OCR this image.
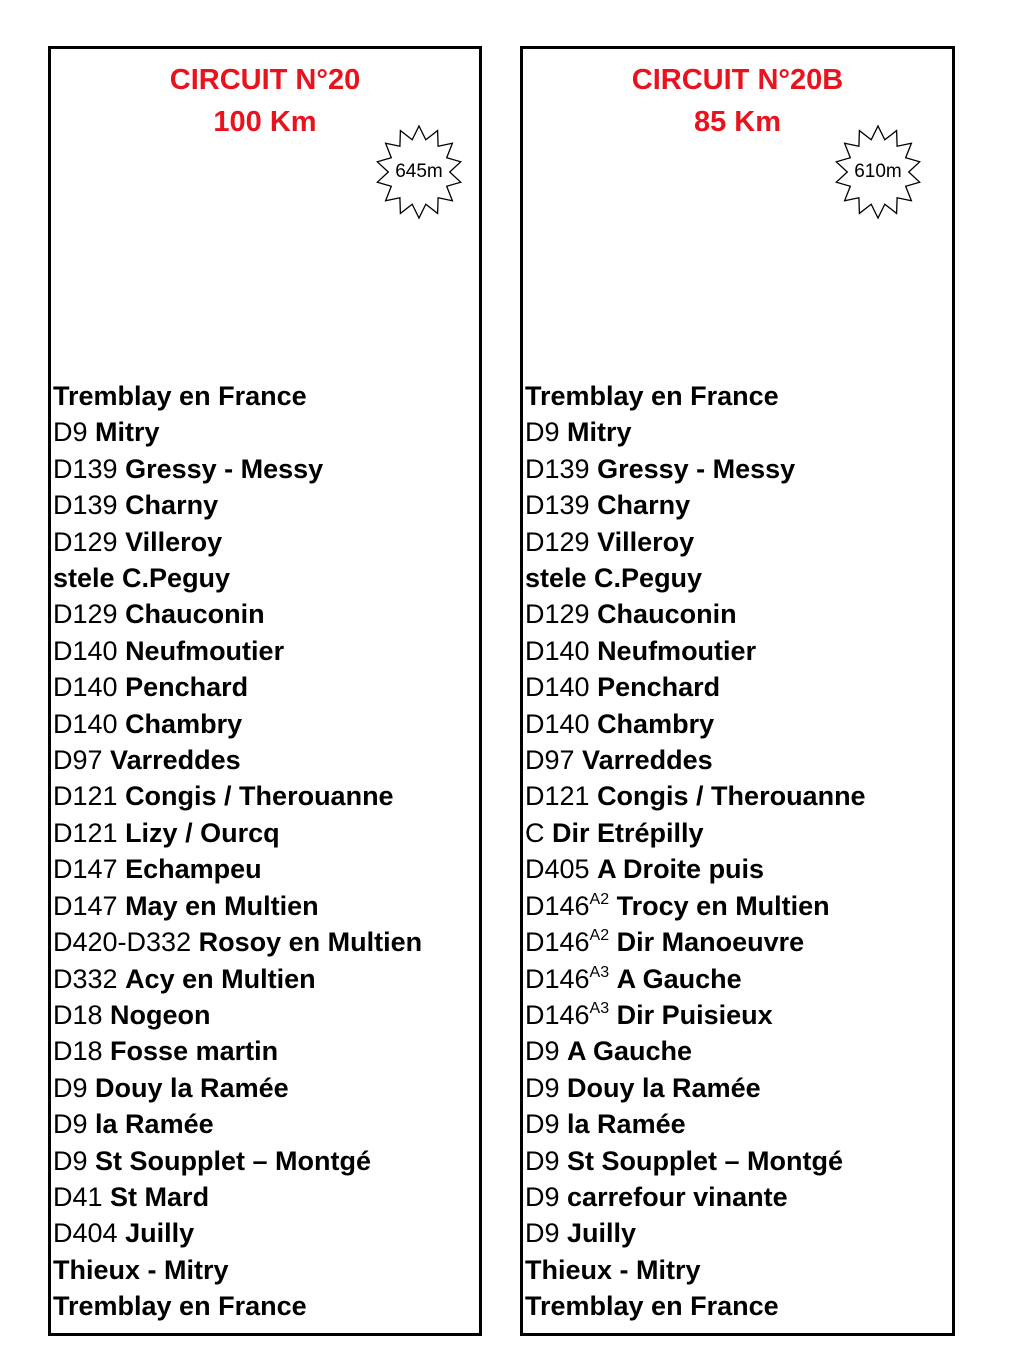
CIRCUIT N°20
100 Km
645m
Tremblay en France
D9 Mitry
D139 Gressy - Messy
D139 Charny
D129 Villeroy
stele C.Peguy
D129 Chauconin
D140 Neufmoutier
D140 Penchard
D140 Chambry
D97 Varreddes
D121 Congis / Therouanne
D121 Lizy / Ourcq
D147 Echampeu
D147 May en Multien
D420-D332 Rosoy en Multien
D332 Acy en Multien
D18 Nogeon
D18 Fosse martin
D9 Douy la Ramée
D9 la Ramée
D9 St Soupplet – Montgé
D41 St Mard
D404 Juilly
Thieux - Mitry
Tremblay en France
CIRCUIT N°20B
85 Km
610m
Tremblay en France
D9 Mitry
D139 Gressy - Messy
D139 Charny
D129 Villeroy
stele C.Peguy
D129 Chauconin
D140 Neufmoutier
D140 Penchard
D140 Chambry
D97 Varreddes
D121 Congis / Therouanne
C Dir Etrépilly
D405 A Droite puis
$D146^{A2}$ Trocy en Multien
$D146^{A2}$ Dir Manoeuvre
$D146^{A3}$ A Gauche
$D146^{A3}$ Dir Puisieux
D9 A Gauche
D9 Douy la Ramée
D9 la Ramée
D9 St Soupplet – Montgé
D9 carrefour vinante
D9 Juilly
Thieux - Mitry
Tremblay en France
